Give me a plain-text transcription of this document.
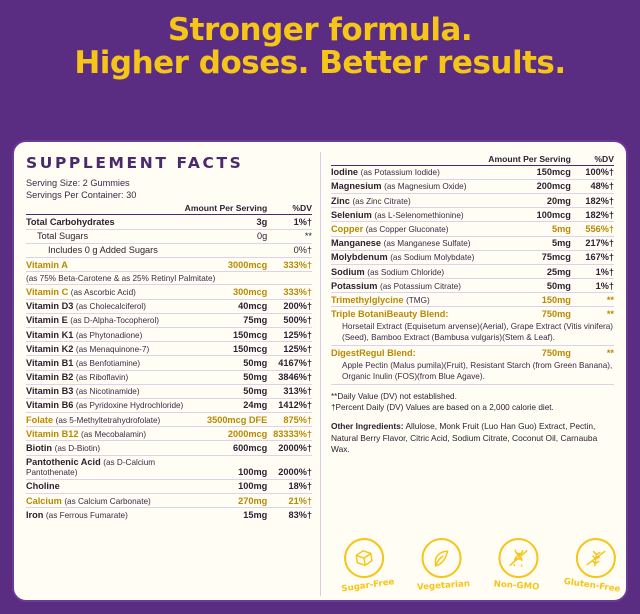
Stronger formula.
Higher doses. Better results.
SUPPLEMENT FACTS
Serving Size: 2 Gummies
Servings Per Container: 30
	Amount Per Serving	%DV
Total Carbohydrates	3g	1%†
Total Sugars	0g	**
Includes 0 g Added Sugars		0%†
Vitamin A	3000mcg	333%†
(as 75% Beta-Carotene & as 25% Retinyl Palmitate)		
Vitamin C (as Ascorbic Acid)	300mcg	333%†
Vitamin D3 (as Cholecalciferol)	40mcg	200%†
Vitamin E (as D-Alpha-Tocopherol)	75mg	500%†
Vitamin K1 (as Phytonadione)	150mcg	125%†
Vitamin K2 (as Menaquinone-7)	150mcg	125%†
Vitamin B1 (as Benfotiamine)	50mg	4167%†
Vitamin B2 (as Riboflavin)	50mg	3846%†
Vitamin B3 (as Nicotinamide)	50mg	313%†
Vitamin B6 (as Pyridoxine Hydrochloride)	24mg	1412%†
Folate (as 5-Methyltetrahydrofolate)	3500mcg DFE	875%†
Vitamin B12 (as Mecobalamin)	2000mcg	83333%†
Biotin (as D-Biotin)	600mcg	2000%†
Pantothenic Acid (as D-Calcium Pantothenate)	100mg	2000%†
Choline	100mg	18%†
Calcium (as Calcium Carbonate)	270mg	21%†
Iron (as Ferrous Fumarate)	15mg	83%†
	Amount Per Serving	%DV
Iodine (as Potassium Iodide)	150mcg	100%†
Magnesium (as Magnesium Oxide)	200mcg	48%†
Zinc (as Zinc Citrate)	20mg	182%†
Selenium (as L-Selenomethionine)	100mcg	182%†
Copper (as Copper Gluconate)	5mg	556%†
Manganese (as Manganese Sulfate)	5mg	217%†
Molybdenum (as Sodium Molybdate)	75mcg	167%†
Sodium (as Sodium Chloride)	25mg	1%†
Potassium (as Potassium Citrate)	50mg	1%†
Trimethylglycine (TMG)	150mg	**
Triple BotaniBeauty Blend:	750mg	**
Horsetail Extract (Equisetum arvense)(Aerial), Grape Extract (Vitis vinifera)(Seed), Bamboo Extract (Bambusa vulgaris)(Stem & Leaf).		
DigestRegul Blend:	750mg	**
Apple Pectin (Malus pumila)(Fruit), Resistant Starch (from Green Banana), Organic Inulin (FOS)(from Blue Agave).		
**Daily Value (DV) not established.
†Percent Daily (DV) Values are based on a 2,000 calorie diet.
Other Ingredients: Allulose, Monk Fruit (Luo Han Guo) Extract, Pectin, Natural Berry Flavor, Citric Acid, Sodium Citrate, Coconut Oil, Carnauba Wax.
Sugar-Free	Vegetarian	Non-GMO	Gluten-Free
